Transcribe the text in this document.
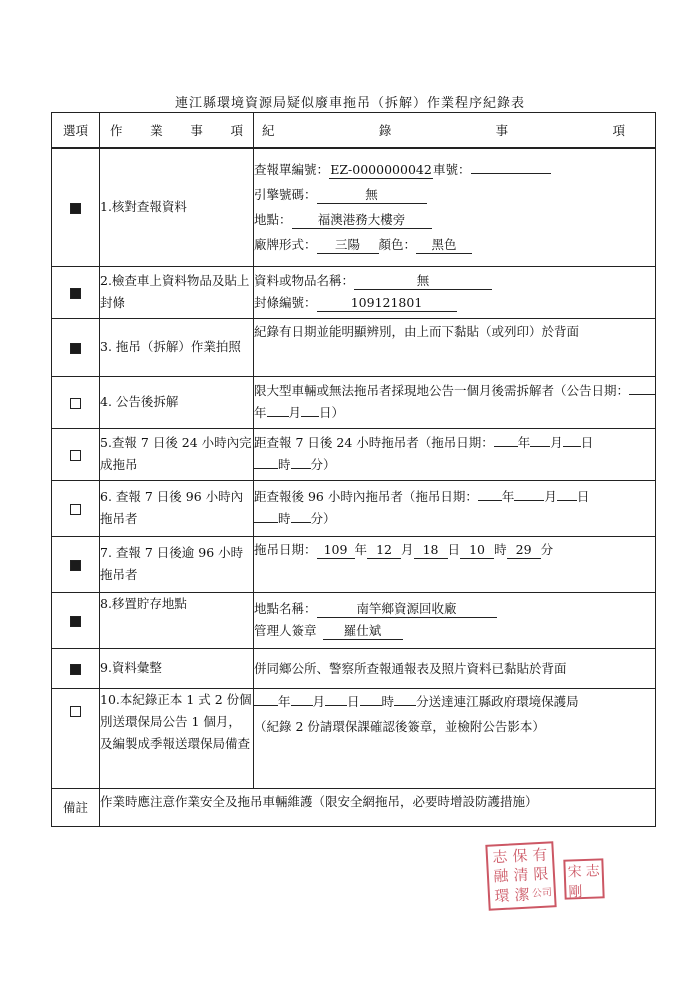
連江縣環境資源局疑似廢車拖吊（拆解）作業程序紀錄表
選項	作 業 事 項	紀 錄 事 項

	1.核對查報資料	查報單編號：EZ-0000000042車號：
引擎號碼： 無
地點： 福澳港務大樓旁
廠牌形式： 三陽 顏色： 黑色

	2.檢查車上資料物品及貼上封條	資料或物品名稱： 無
封條編號： 109121801

	3. 拖吊（拆解）作業拍照	紀錄有日期並能明顯辨別，由上而下黏貼（或列印）於背面
	4. 公告後拆解	限大型車輛或無法拖吊者採現地公告一個月後需拆解者（公告日期：年 月 日）
	5.查報 7 日後 24 小時內完成拖吊	距查報 7 日後 24 小時拖吊者（拖吊日期： 年 月 日
時 分）
	6. 查報 7 日後 96 小時內拖吊者	距查報後 96 小時內拖吊者（拖吊日期： 年 月 日
時 分）
	7. 查報 7 日後逾 96 小時拖吊者	拖吊日期： 109 年 12 月 18 日 10 時 29 分
	8.移置貯存地點	地點名稱： 南竿鄉資源回收廠
管理人簽章 羅仕斌

	9.資料彙整	併同鄉公所、警察所查報通報表及照片資料已黏貼於背面
	10.本紀錄正本 1 式 2 份個別送環保局公告 1 個月，及編製成季報送環保局備查	年 月 日 時 分送達連江縣政府環境保護局
（紀錄 2 份請環保課確認後簽章，並檢附公告影本）

備註	作業時應注意作業安全及拖吊車輛維護（限安全網拖吊，必要時增設防護措施）	
志 保 有
融 清 限
環 潔 公司
宋 志
剛
